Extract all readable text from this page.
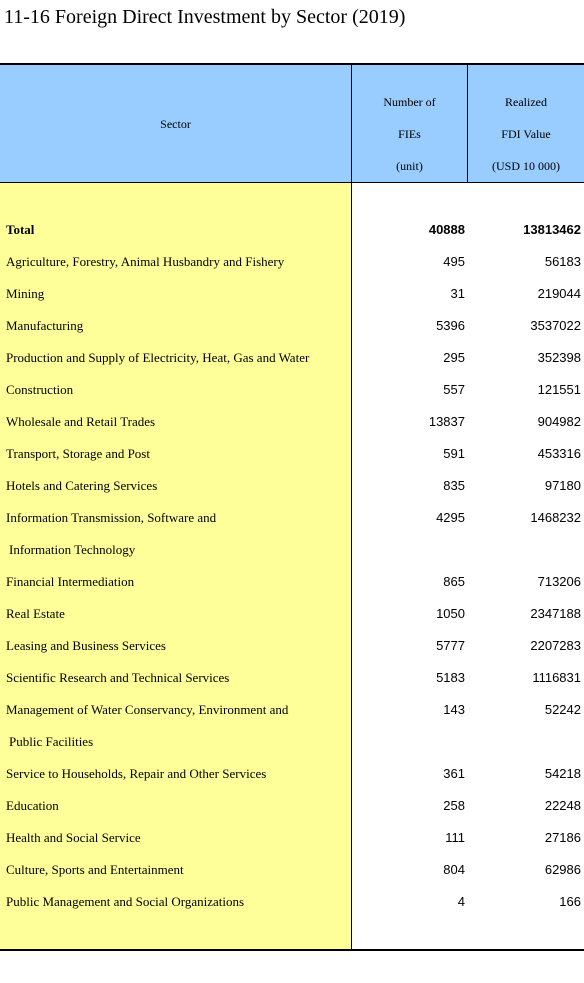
11-16 Foreign Direct Investment by Sector (2019)
Sector
Number of
FIEs
(unit)
Realized
FDI Value
(USD 10 000)
Total	40888	13813462
Agriculture, Forestry, Animal Husbandry and Fishery	495	56183
Mining	31	219044
Manufacturing	5396	3537022
Production and Supply of Electricity, Heat, Gas and Water	295	352398
Construction	557	121551
Wholesale and Retail Trades	13837	904982
Transport, Storage and Post	591	453316
Hotels and Catering Services	835	97180
Information Transmission, Software and
Information Technology
4295	1468232
Financial Intermediation	865	713206
Real Estate	1050	2347188
Leasing and Business Services	5777	2207283
Scientific Research and Technical Services	5183	1116831
Management of Water Conservancy, Environment and
Public Facilities
143	52242
Service to Households, Repair and Other Services	361	54218
Education	258	22248
Health and Social Service	111	27186
Culture, Sports and Entertainment	804	62986
Public Management and Social Organizations	4	166
